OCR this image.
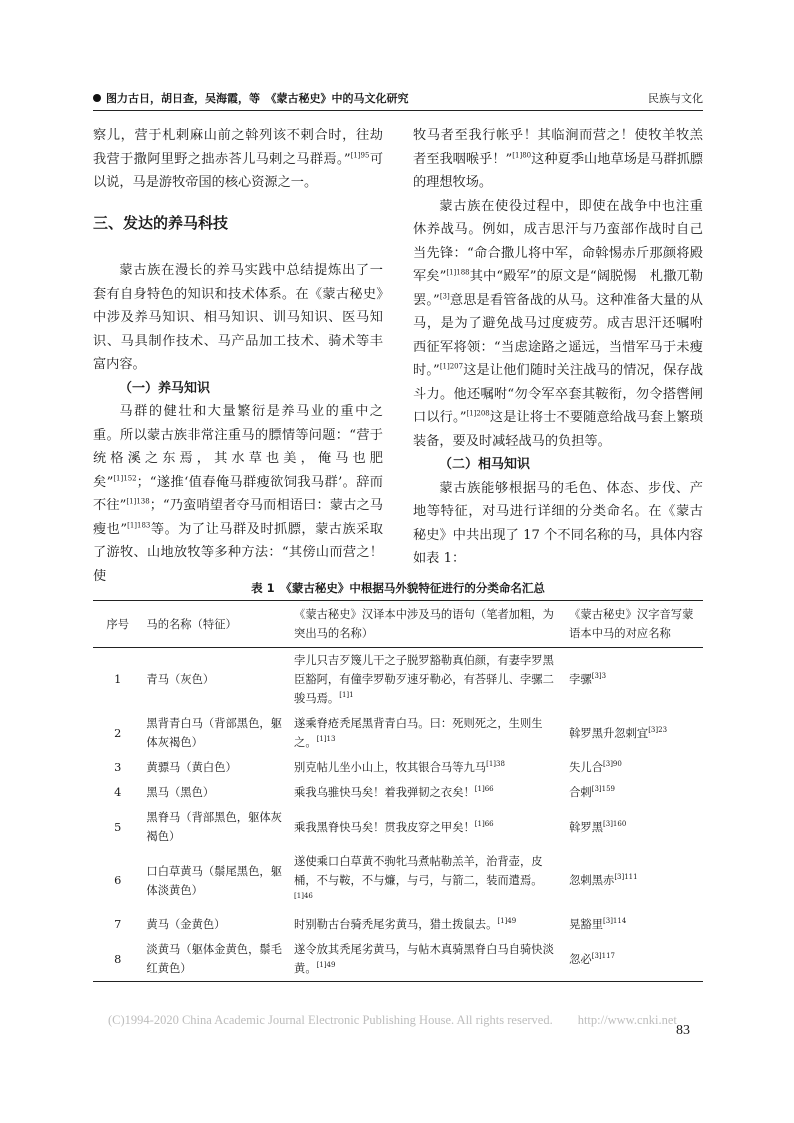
图力古日，胡日查，吴海霞，等　 《蒙古秘史》中的马文化研究	民族与文化

察儿，营于札剌麻山前之斡列该不剌合时，往劫我营于撒阿里野之拙赤荅儿马剌之马群焉。”$^{[1]95}$可以说，马是游牧帝国的核心资源之一。

三、发达的养马科技

蒙古族在漫长的养马实践中总结提炼出了一套有自身特色的知识和技术体系。在《蒙古秘史》中涉及养马知识、相马知识、训马知识、医马知识、马具制作技术、马产品加工技术、骑术等丰富内容。

（一）养马知识

马群的健壮和大量繁衍是养马业的重中之重。所以蒙古族非常注重马的膘情等问题：“营于统格溪之东焉，其水草也美，俺马也肥矣”$^{[1]152}$；“遂推‘值春俺马群瘦欲饲我马群’。辞而不往”$^{[1]138}$；“乃蛮哨望者夺马而相语曰：蒙古之马瘦也”$^{[1]183}$等。为了让马群及时抓膘，蒙古族采取了游牧、山地放牧等多种方法：“其傍山而营之！使

牧马者至我行帐乎！其临涧而营之！使牧羊牧羔者至我咽喉乎！”$^{[1]80}$这种夏季山地草场是马群抓膘的理想牧场。

蒙古族在使役过程中，即使在战争中也注重休养战马。例如，成吉思汗与乃蛮部作战时自己当先锋：“命合撒儿将中军，命斡惕赤斤那颜将殿军矣”$^{[1]188}$其中“殿军”的原文是“阔脱惕　札撒兀勒罢。”[3]意思是看管备战的从马。这种准备大量的从马，是为了避免战马过度疲劳。成吉思汗还嘱咐西征军将领：“当虑途路之遥远，当惜军马于未瘦时。”$^{[1]207}$这是让他们随时关注战马的情况，保存战斗力。他还嘱咐“勿令军卒套其鞍衔，勿令搭辔闸口以行。”$^{[1]208}$这是让将士不要随意给战马套上繁琐装备，要及时减轻战马的负担等。

（二）相马知识

蒙古族能够根据马的毛色、体态、步伐、产地等特征，对马进行详细的分类命名。在《蒙古秘史》中共出现了 17 个不同名称的马，具体内容如表 1：

表 1　《蒙古秘史》中根据马外貌特征进行的分类命名汇总
序号	马的名称（特征）	《蒙古秘史》汉译本中涉及马的语句（笔者加粗，为突出马的名称）	《蒙古秘史》汉字音写蒙语本中马的对应名称
1	青马（灰色）	孛儿只吉歹篾儿干之子脱罗豁勒真伯颜，有妻孛罗黑臣豁阿，有僮孛罗勒歹速牙勒必，有荅驿儿、孛骡二骏马焉。$^{[1]1}$	孛骡$^{[3]3}$
2	黑背青白马（背部黑色，躯体灰褐色）	遂乘脊疮秃尾黑背青白马。曰：死则死之，生则生之。$^{[1]13}$	斡罗黑升忽剌宜$^{[3]23}$
3	黄骠马（黄白色）	别克帖儿坐小山上，牧其银合马等九马$^{[1]38}$	失儿合$^{[3]90}$
4	黑马（黑色）	乘我乌骓快马矣！着我弹韧之衣矣！$^{[1]66}$	合剌$^{[3]159}$
5	黑脊马（背部黑色，躯体灰褐色）	乘我黑脊快马矣！贯我皮穿之甲矣！$^{[1]66}$	斡罗黑$^{[3]160}$
6	口白草黄马（鬃尾黑色，躯体淡黄色）	遂使乘口白草黄不驹牝马煮帖勒羔羊，治背壶，皮桶，不与鞍，不与燫，与弓，与箭二，装而遣焉。$^{[1]46}$	忽剌黑赤$^{[3]111}$
7	黄马（金黄色）	时别勒古台骑秃尾劣黄马，猎土拨鼠去。$^{[1]49}$	晃豁里$^{[3]114}$
8	淡黄马（躯体金黄色，鬃毛红黄色）	遂令放其秃尾劣黄马，与帖木真骑黑脊白马自骑快淡黄。$^{[1]49}$	忽必$^{[3]117}$
(C)1994-2020 China Academic Journal Electronic Publishing House. All rights reserved.　　http://www.cnki.net
83
